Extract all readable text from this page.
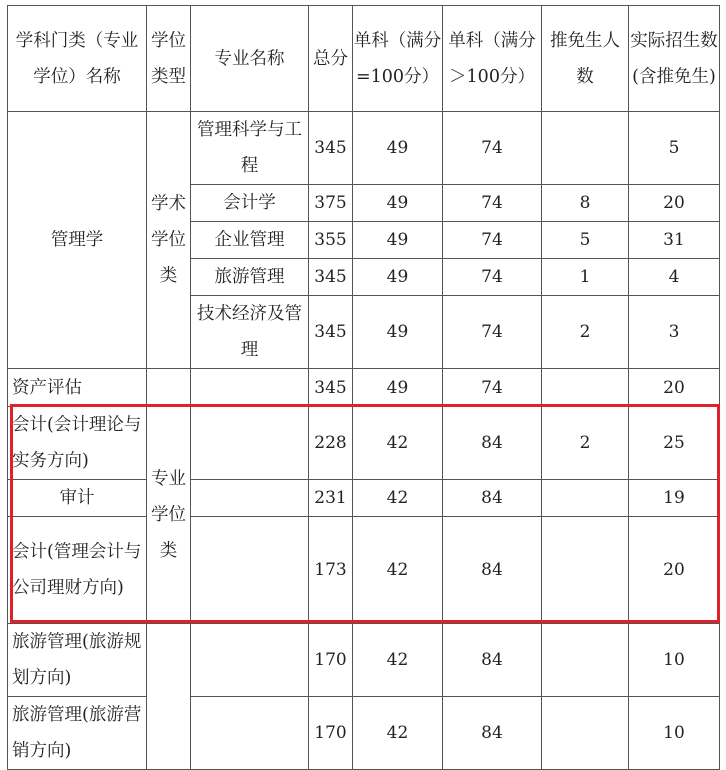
学科门类（专业学位）名称	学位类型	专业名称	总分	单科（满分=100分）	单科（满分＞100分）	推免生人数	实际招生数(含推免生)
管理学	学术学位类	管理科学与工程	345	49	74		5
		会计学	375	49	74	8	20
		企业管理	355	49	74	5	31
		旅游管理	345	49	74	1	4
		技术经济及管理	345	49	74	2	3
资产评估			345	49	74		20
会计(会计理论与实务方向)	专业学位类		228	42	84	2	25
审计			231	42	84		19
会计(管理会计与公司理财方向)			173	42	84		20
旅游管理(旅游规划方向)			170	42	84		10
旅游管理(旅游营销方向)			170	42	84		10
